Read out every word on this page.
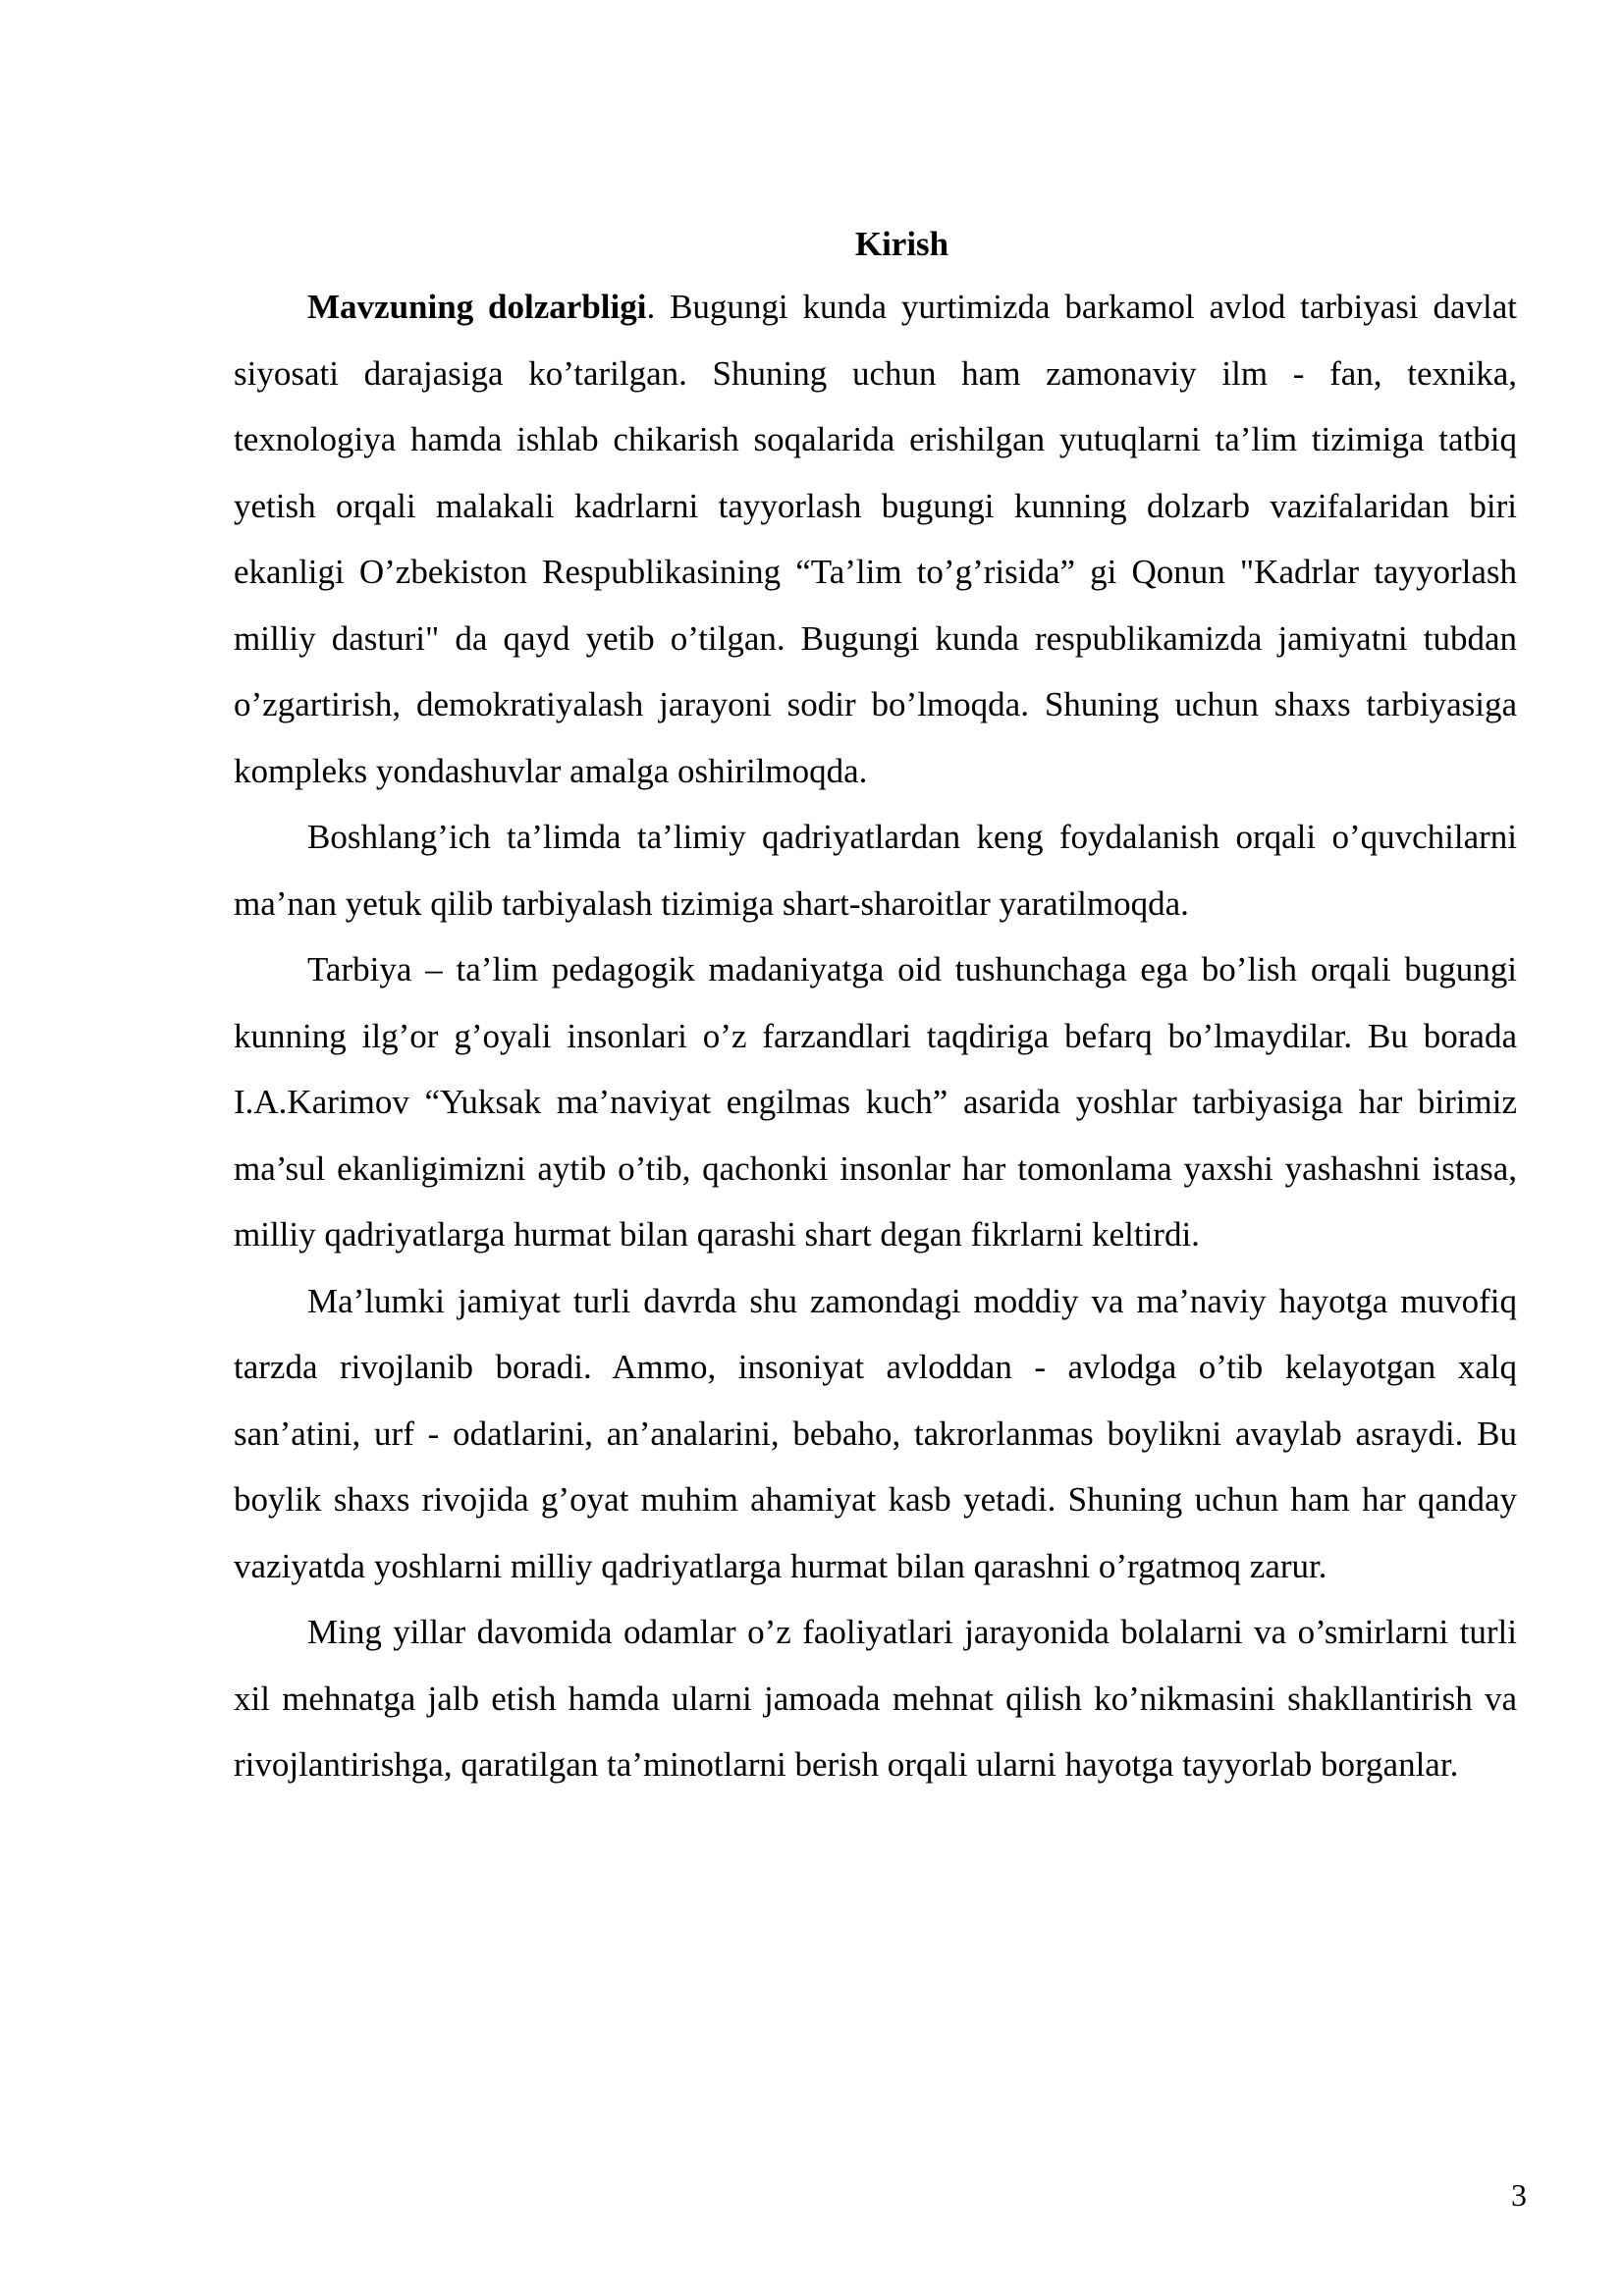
Kirish

Mavzuning dolzarbligi. Bugungi kunda yurtimizda barkamol avlod tarbiyasi davlat siyosati darajasiga ko’tarilgan. Shuning uchun ham zamonaviy ilm - fan, texnika, texnologiya hamda ishlab chikarish soqalarida erishilgan yutuqlarni ta’lim tizimiga tatbiq yetish orqali malakali kadrlarni tayyorlash bugungi kunning dolzarb vazifalaridan biri ekanligi O’zbekiston Respublikasining “Ta’lim to’g’risida” gi Qonun "Kadrlar tayyorlash milliy dasturi" da qayd yetib o’tilgan. Bugungi kunda respublikamizda jamiyatni tubdan o’zgartirish, demokratiyalash jarayoni sodir bo’lmoqda. Shuning uchun shaxs tarbiyasiga kompleks yondashuvlar amalga oshirilmoqda.

Boshlang’ich ta’limda ta’limiy qadriyatlardan keng foydalanish orqali o’quvchilarni ma’nan yetuk qilib tarbiyalash tizimiga shart-sharoitlar yaratilmoqda.

Tarbiya – ta’lim pedagogik madaniyatga oid tushunchaga ega bo’lish orqali bugungi kunning ilg’or g’oyali insonlari o’z farzandlari taqdiriga befarq bo’lmaydilar. Bu borada I.A.Karimov “Yuksak ma’naviyat engilmas kuch” asarida yoshlar tarbiyasiga har birimiz ma’sul ekanligimizni aytib o’tib, qachonki insonlar har tomonlama yaxshi yashashni istasa, milliy qadriyatlarga hurmat bilan qarashi shart degan fikrlarni keltirdi.

Ma’lumki jamiyat turli davrda shu zamondagi moddiy va ma’naviy hayotga muvofiq tarzda rivojlanib boradi. Ammo, insoniyat avloddan - avlodga o’tib kelayotgan xalq san’atini, urf - odatlarini, an’analarini, bebaho, takrorlanmas boylikni avaylab asraydi. Bu boylik shaxs rivojida g’oyat muhim ahamiyat kasb yetadi. Shuning uchun ham har qanday vaziyatda yoshlarni milliy qadriyatlarga hurmat bilan qarashni o’rgatmoq zarur.

Ming yillar davomida odamlar o’z faoliyatlari jarayonida bolalarni va o’smirlarni turli xil mehnatga jalb etish hamda ularni jamoada mehnat qilish ko’nikmasini shakllantirish va rivojlantirishga, qaratilgan ta’minotlarni berish orqali ularni hayotga tayyorlab borganlar.

3
